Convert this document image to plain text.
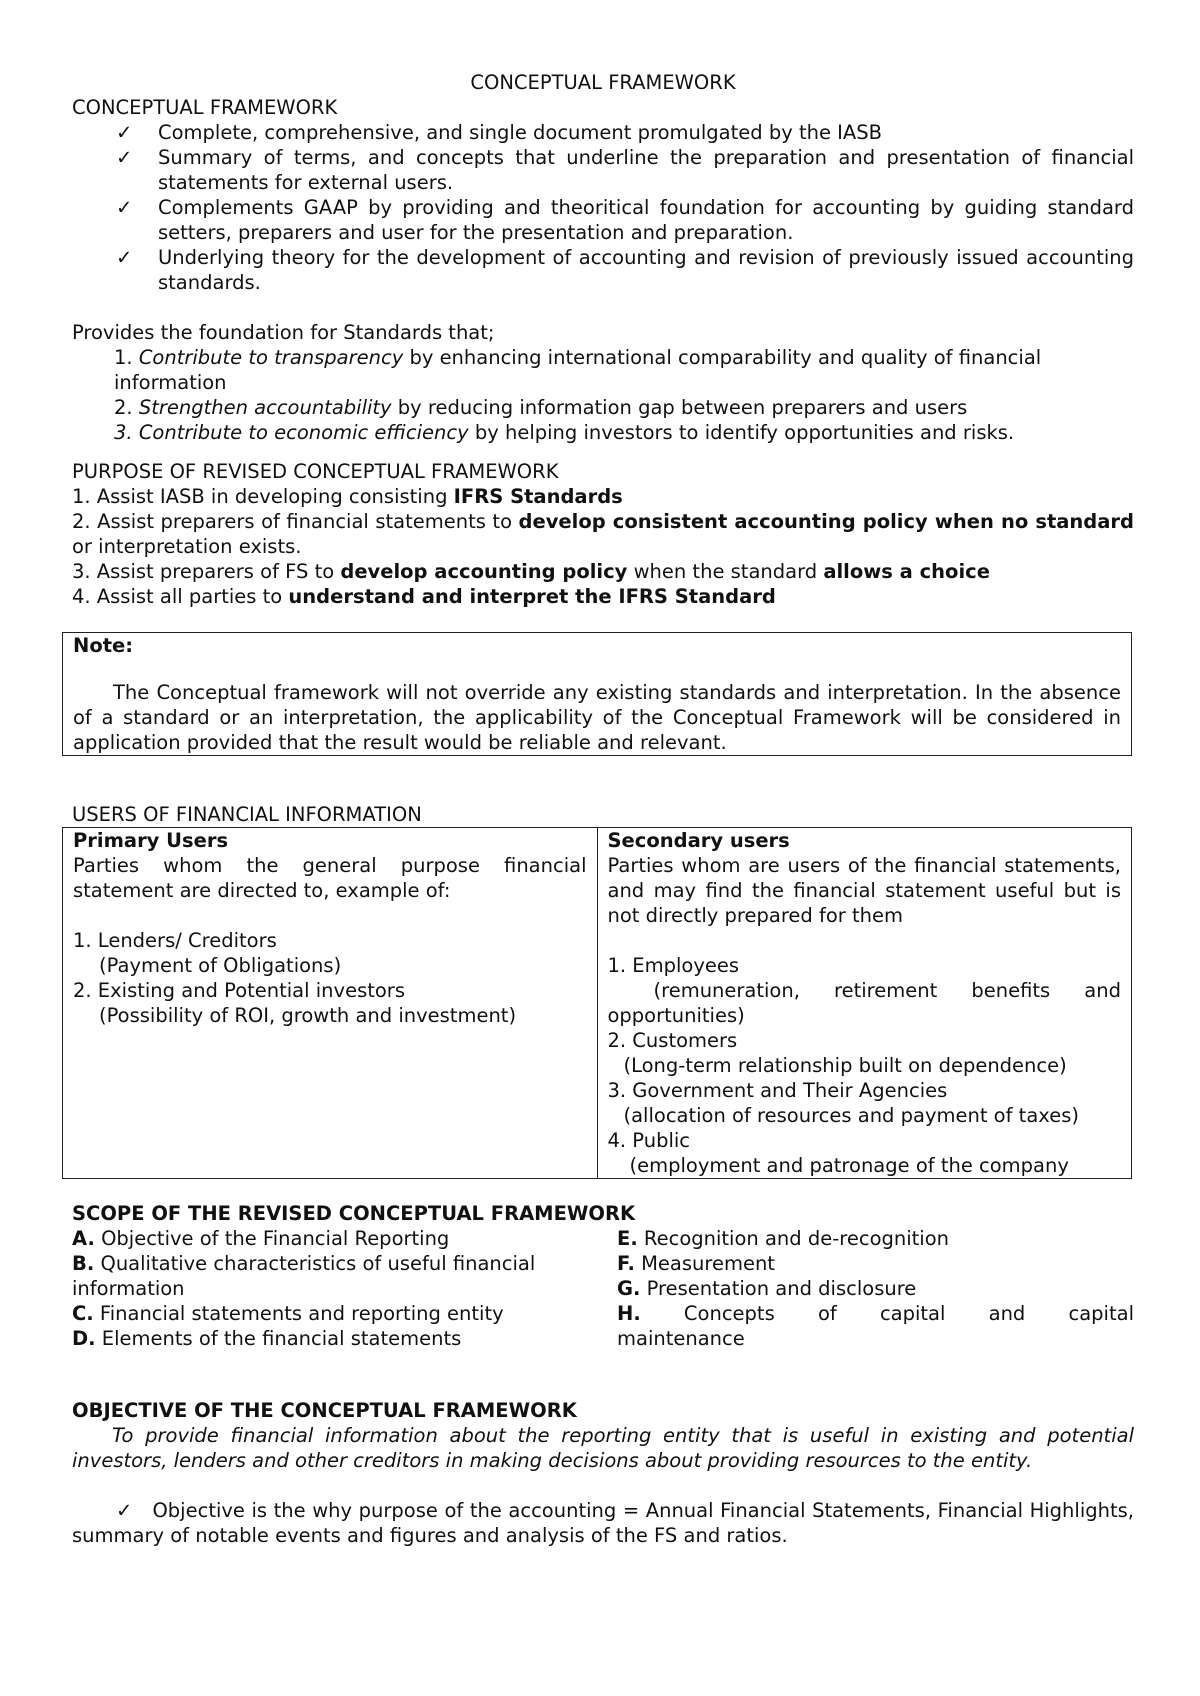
CONCEPTUAL FRAMEWORK

CONCEPTUAL FRAMEWORK

✓ Complete, comprehensive, and single document promulgated by the IASB
✓ Summary of terms, and concepts that underline the preparation and presentation of financial statements for external users.
✓ Complements GAAP by providing and theoritical foundation for accounting by guiding standard setters, preparers and user for the presentation and preparation.
✓ Underlying theory for the development of accounting and revision of previously issued accounting standards.

Provides the foundation for Standards that;

1. Contribute to transparency by enhancing international comparability and quality of financial information

2. Strengthen accountability by reducing information gap between preparers and users

3. Contribute to economic efficiency by helping investors to identify opportunities and risks.

PURPOSE OF REVISED CONCEPTUAL FRAMEWORK

1. Assist IASB in developing consisting IFRS Standards

2. Assist preparers of financial statements to develop consistent accounting policy when no standard or interpretation exists.

3. Assist preparers of FS to develop accounting policy when the standard allows a choice

4. Assist all parties to understand and interpret the IFRS Standard

Note:

The Conceptual framework will not override any existing standards and interpretation. In the absence of a standard or an interpretation, the applicability of the Conceptual Framework will be considered in application provided that the result would be reliable and relevant.

USERS OF FINANCIAL INFORMATION

Primary Users

Parties whom the general purpose financial statement are directed to, example of:

1. Lenders/ Creditors

(Payment of Obligations)

2. Existing and Potential investors

(Possibility of ROI, growth and investment)

Secondary users

Parties whom are users of the financial statements, and may find the financial statement useful but is not directly prepared for them

1. Employees

(remuneration, retirement benefits and opportunities)

2. Customers

(Long-term relationship built on dependence)

3. Government and Their Agencies

(allocation of resources and payment of taxes)

4. Public

(employment and patronage of the company

SCOPE OF THE REVISED CONCEPTUAL FRAMEWORK

A. Objective of the Financial Reporting

B. Qualitative characteristics of useful financial information

C. Financial statements and reporting entity

D. Elements of the financial statements

E. Recognition and de-recognition

F. Measurement

G. Presentation and disclosure

H. Concepts of capital and capital

maintenance

OBJECTIVE OF THE CONCEPTUAL FRAMEWORK

To provide financial information about the reporting entity that is useful in existing and potential investors, lenders and other creditors in making decisions about providing resources to the entity.

✓ Objective is the why purpose of the accounting = Annual Financial Statements, Financial Highlights, summary of notable events and figures and analysis of the FS and ratios.
